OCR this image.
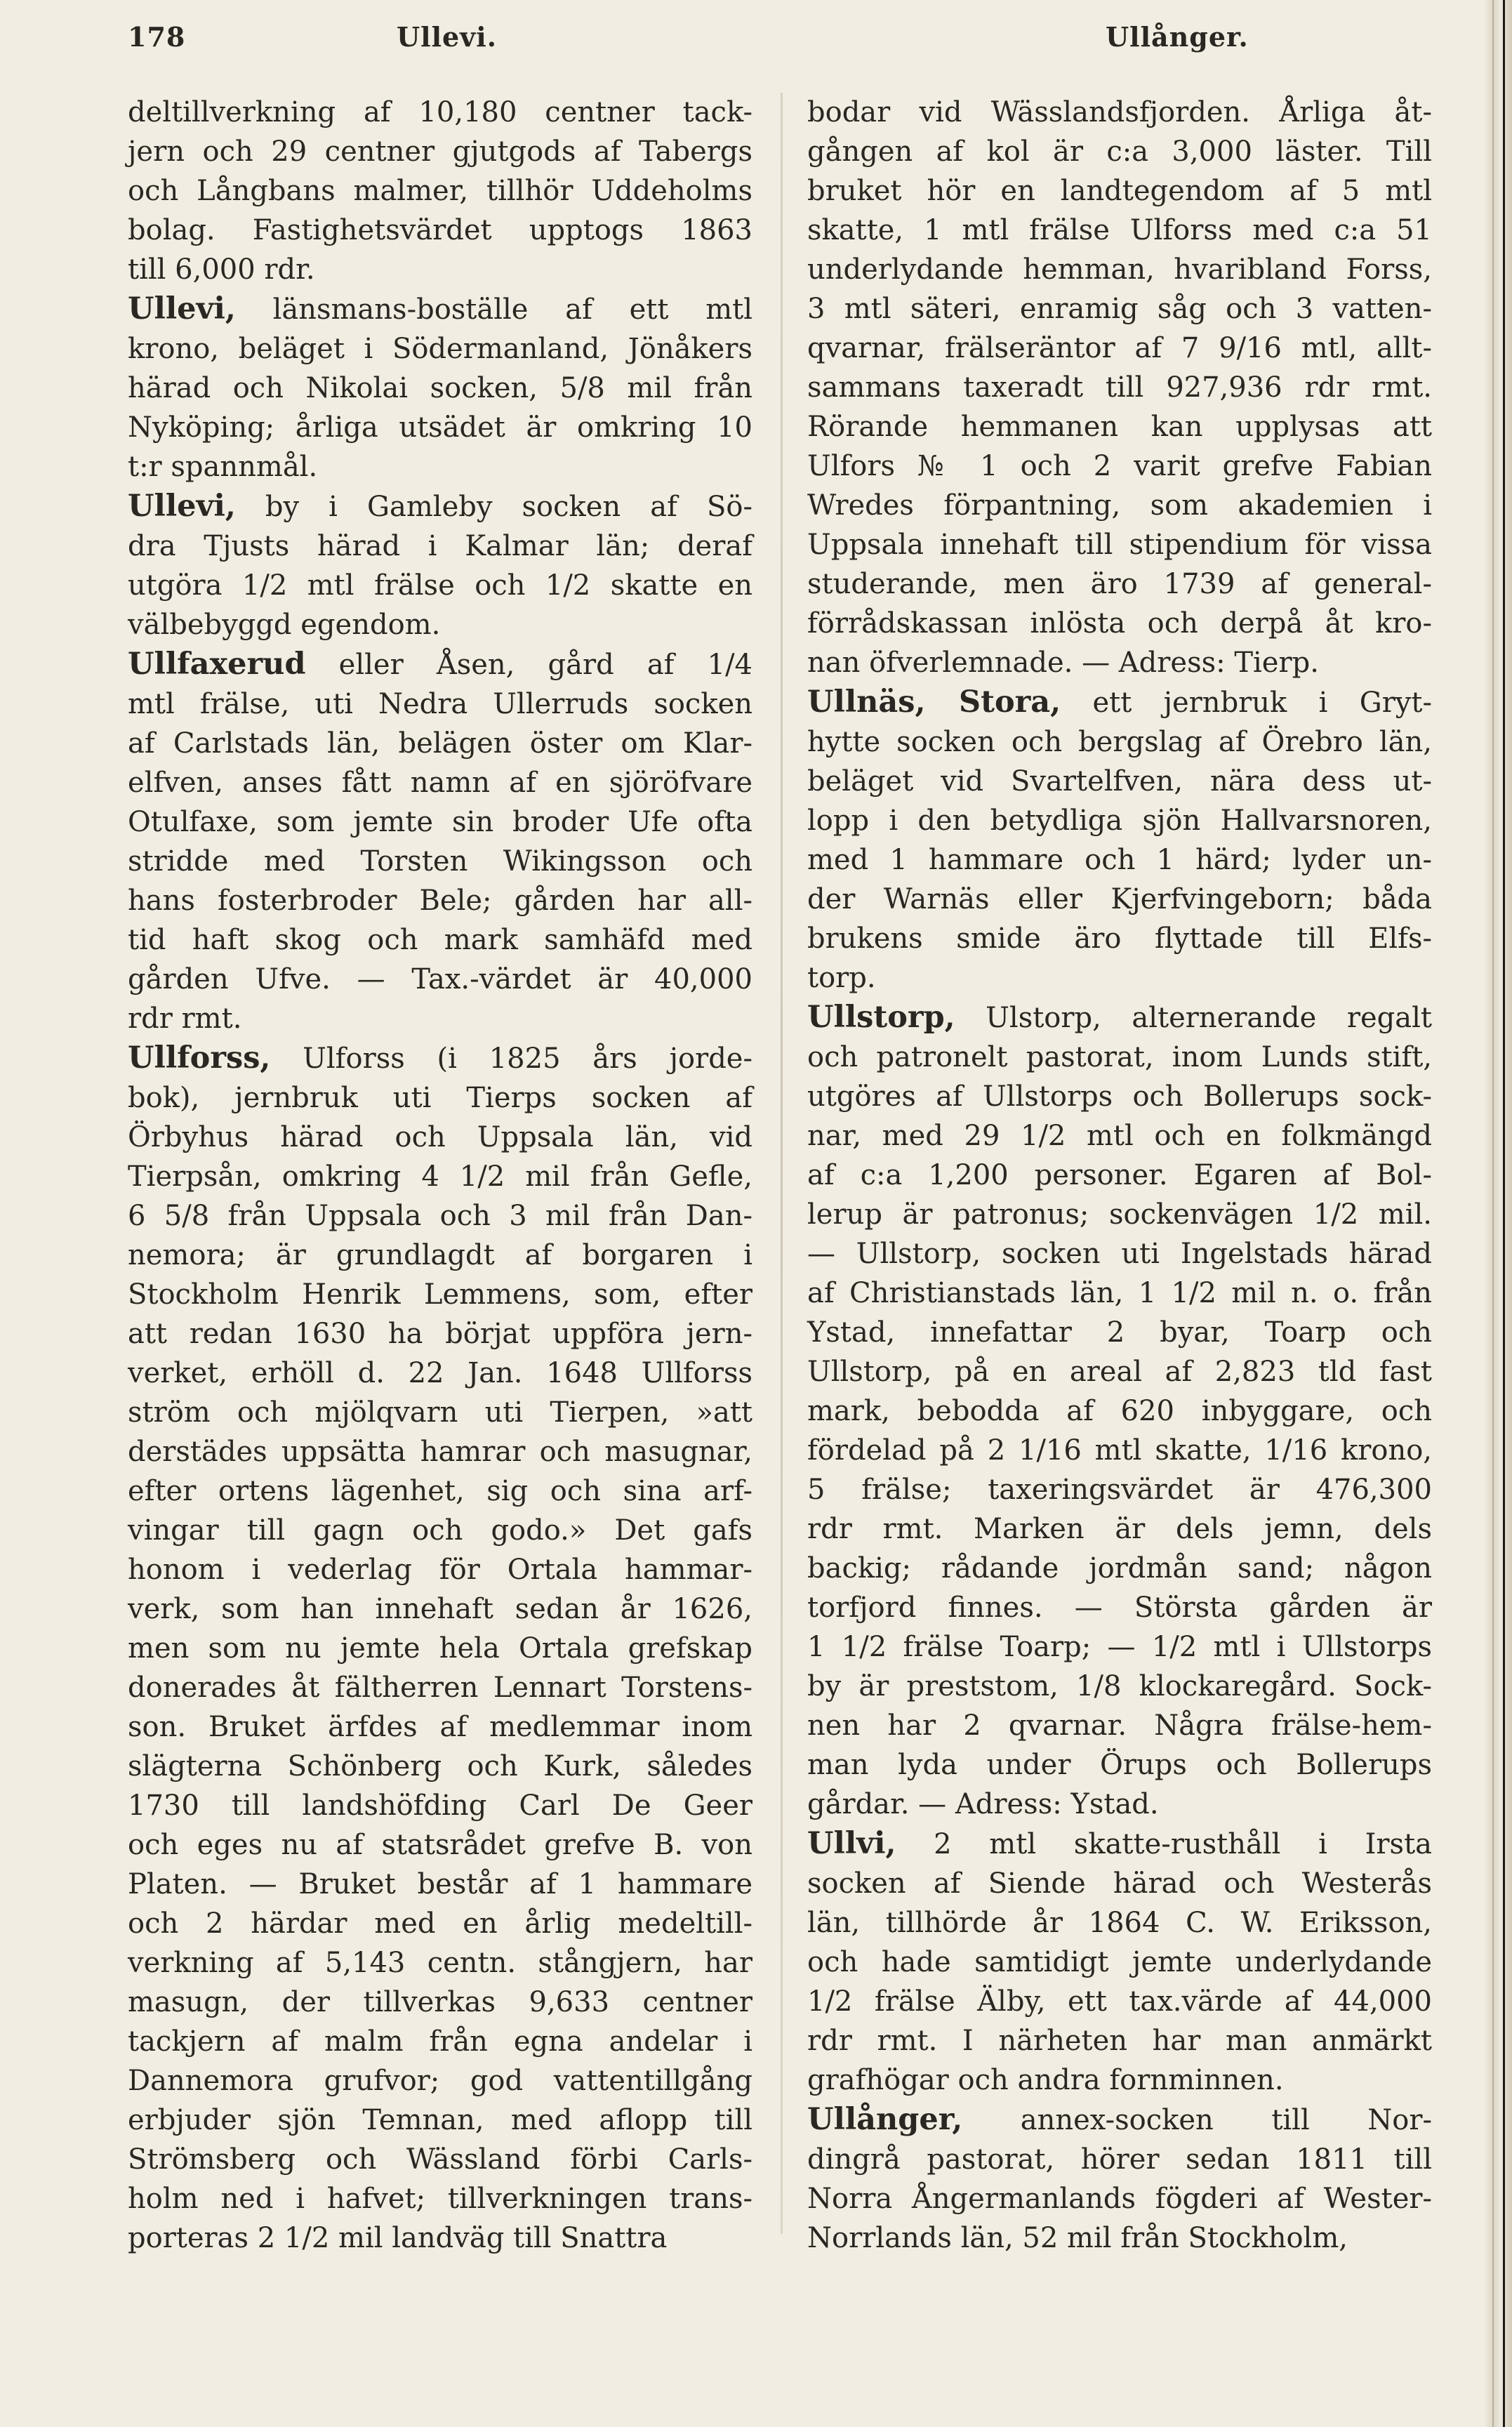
178	Ullevi.	Ullånger.

deltillverkning af 10,180 centner tack-
jern och 29 centner gjutgods af Tabergs
och Långbans malmer, tillhör Uddeholms
bolag. Fastighetsvärdet upptogs 1863
till 6,000 rdr.

Ullevi, länsmans-boställe af ett mtl
krono, beläget i Södermanland, Jönåkers
härad och Nikolai socken, 5/8 mil från
Nyköping; årliga utsädet är omkring 10
t:r spannmål.

Ullevi, by i Gamleby socken af Sö-
dra Tjusts härad i Kalmar län; deraf
utgöra 1/2 mtl frälse och 1/2 skatte en
välbebyggd egendom.

Ullfaxerud eller Åsen, gård af 1/4
mtl frälse, uti Nedra Ullerruds socken
af Carlstads län, belägen öster om Klar-
elfven, anses fått namn af en sjöröfvare
Otulfaxe, som jemte sin broder Ufe ofta
stridde med Torsten Wikingsson och
hans fosterbroder Bele; gården har all-
tid haft skog och mark samhäfd med
gården Ufve. — Tax.-värdet är 40,000
rdr rmt.

Ullforss, Ulforss (i 1825 års jorde-
bok), jernbruk uti Tierps socken af
Örbyhus härad och Uppsala län, vid
Tierpsån, omkring 4 1/2 mil från Gefle,
6 5/8 från Uppsala och 3 mil från Dan-
nemora; är grundlagdt af borgaren i
Stockholm Henrik Lemmens, som, efter
att redan 1630 ha börjat uppföra jern-
verket, erhöll d. 22 Jan. 1648 Ullforss
ström och mjölqvarn uti Tierpen, »att
derstädes uppsätta hamrar och masugnar,
efter ortens lägenhet, sig och sina arf-
vingar till gagn och godo.» Det gafs
honom i vederlag för Ortala hammar-
verk, som han innehaft sedan år 1626,
men som nu jemte hela Ortala grefskap
donerades åt fältherren Lennart Torstens-
son. Bruket ärfdes af medlemmar inom
slägterna Schönberg och Kurk, således
1730 till landshöfding Carl De Geer
och eges nu af statsrådet grefve B. von
Platen. — Bruket består af 1 hammare
och 2 härdar med en årlig medeltill-
verkning af 5,143 centn. stångjern, har
masugn, der tillverkas 9,633 centner
tackjern af malm från egna andelar i
Dannemora grufvor; god vattentillgång
erbjuder sjön Temnan, med aflopp till
Strömsberg och Wässland förbi Carls-
holm ned i hafvet; tillverkningen trans-
porteras 2 1/2 mil landväg till Snattra

bodar vid Wässlandsfjorden. Årliga åt-
gången af kol är c:a 3,000 läster. Till
bruket hör en landtegendom af 5 mtl
skatte, 1 mtl frälse Ulforss med c:a 51
underlydande hemman, hvaribland Forss,
3 mtl säteri, enramig såg och 3 vatten-
qvarnar, frälseräntor af 7 9/16 mtl, allt-
sammans taxeradt till 927,936 rdr rmt.
Rörande hemmanen kan upplysas att
Ulfors № 1 och 2 varit grefve Fabian
Wredes förpantning, som akademien i
Uppsala innehaft till stipendium för vissa
studerande, men äro 1739 af general-
förrådskassan inlösta och derpå åt kro-
nan öfverlemnade. — Adress: Tierp.

Ullnäs, Stora, ett jernbruk i Gryt-
hytte socken och bergslag af Örebro län,
beläget vid Svartelfven, nära dess ut-
lopp i den betydliga sjön Hallvarsnoren,
med 1 hammare och 1 härd; lyder un-
der Warnäs eller Kjerfvingeborn; båda
brukens smide äro flyttade till Elfs-
torp.

Ullstorp, Ulstorp, alternerande regalt
och patronelt pastorat, inom Lunds stift,
utgöres af Ullstorps och Bollerups sock-
nar, med 29 1/2 mtl och en folkmängd
af c:a 1,200 personer. Egaren af Bol-
lerup är patronus; sockenvägen 1/2 mil.
— Ullstorp, socken uti Ingelstads härad
af Christianstads län, 1 1/2 mil n. o. från
Ystad, innefattar 2 byar, Toarp och
Ullstorp, på en areal af 2,823 tld fast
mark, bebodda af 620 inbyggare, och
fördelad på 2 1/16 mtl skatte, 1/16 krono,
5 frälse; taxeringsvärdet är 476,300
rdr rmt. Marken är dels jemn, dels
backig; rådande jordmån sand; någon
torfjord finnes. — Största gården är
1 1/2 frälse Toarp; — 1/2 mtl i Ullstorps
by är preststom, 1/8 klockaregård. Sock-
nen har 2 qvarnar. Några frälse-hem-
man lyda under Örups och Bollerups
gårdar. — Adress: Ystad.

Ullvi, 2 mtl skatte-rusthåll i Irsta
socken af Siende härad och Westerås
län, tillhörde år 1864 C. W. Eriksson,
och hade samtidigt jemte underlydande
1/2 frälse Älby, ett tax.värde af 44,000
rdr rmt. I närheten har man anmärkt
grafhögar och andra fornminnen.

Ullånger, annex-socken till Nor-
dingrå pastorat, hörer sedan 1811 till
Norra Ångermanlands fögderi af Wester-
Norrlands län, 52 mil från Stockholm,
